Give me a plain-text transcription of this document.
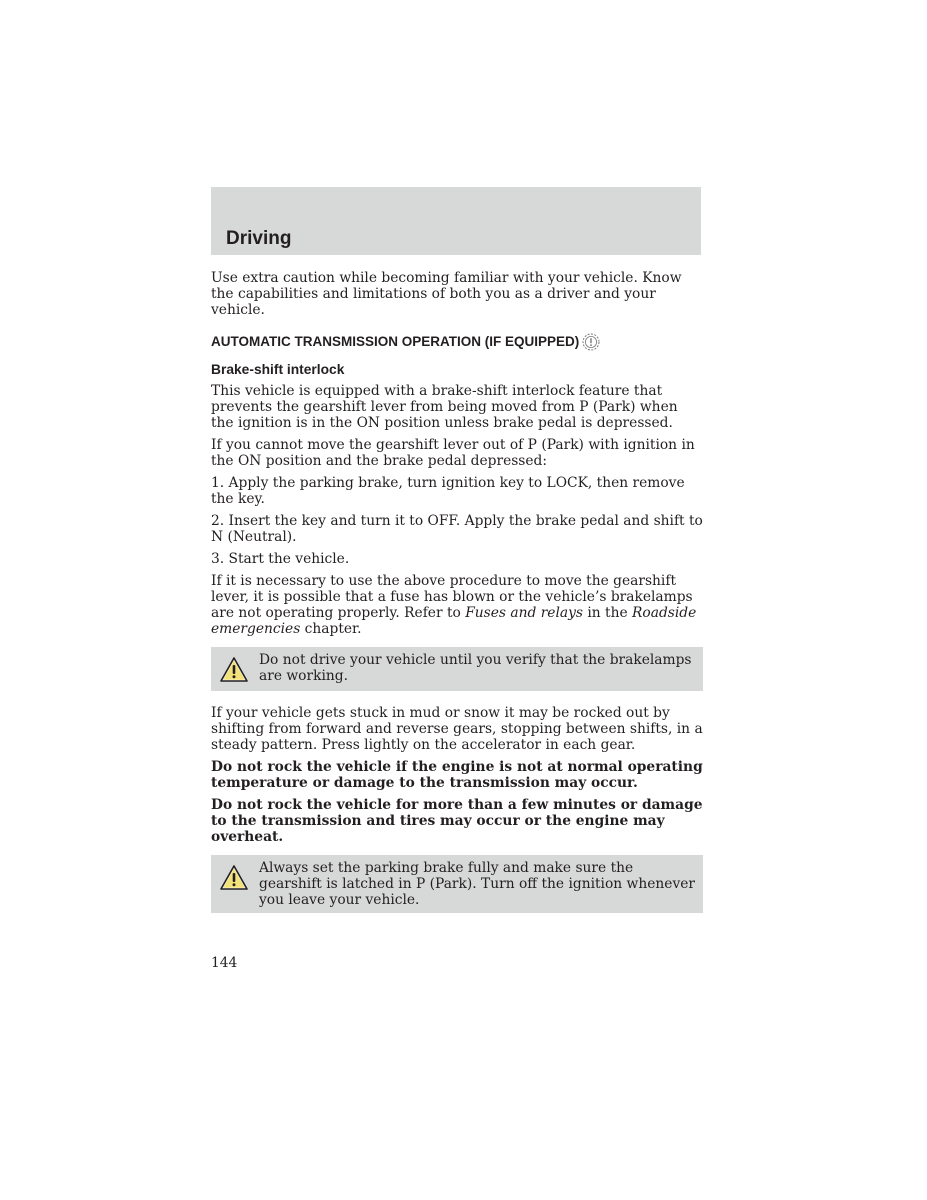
Driving

Use extra caution while becoming familiar with your vehicle. Know the capabilities and limitations of both you as a driver and your vehicle.

AUTOMATIC TRANSMISSION OPERATION (IF EQUIPPED)
Brake-shift interlock

This vehicle is equipped with a brake-shift interlock feature that prevents the gearshift lever from being moved from P (Park) when the ignition is in the ON position unless brake pedal is depressed.

If you cannot move the gearshift lever out of P (Park) with ignition in the ON position and the brake pedal depressed:

1. Apply the parking brake, turn ignition key to LOCK, then remove the key.

2. Insert the key and turn it to OFF. Apply the brake pedal and shift to N (Neutral).

3. Start the vehicle.

If it is necessary to use the above procedure to move the gearshift lever, it is possible that a fuse has blown or the vehicle’s brakelamps are not operating properly. Refer to Fuses and relays in the Roadside emergencies chapter.

Do not drive your vehicle until you verify that the brakelamps are working.

If your vehicle gets stuck in mud or snow it may be rocked out by shifting from forward and reverse gears, stopping between shifts, in a steady pattern. Press lightly on the accelerator in each gear.

Do not rock the vehicle if the engine is not at normal operating temperature or damage to the transmission may occur.

Do not rock the vehicle for more than a few minutes or damage to the transmission and tires may occur or the engine may overheat.

Always set the parking brake fully and make sure the gearshift is latched in P (Park). Turn off the ignition whenever you leave your vehicle.
144
